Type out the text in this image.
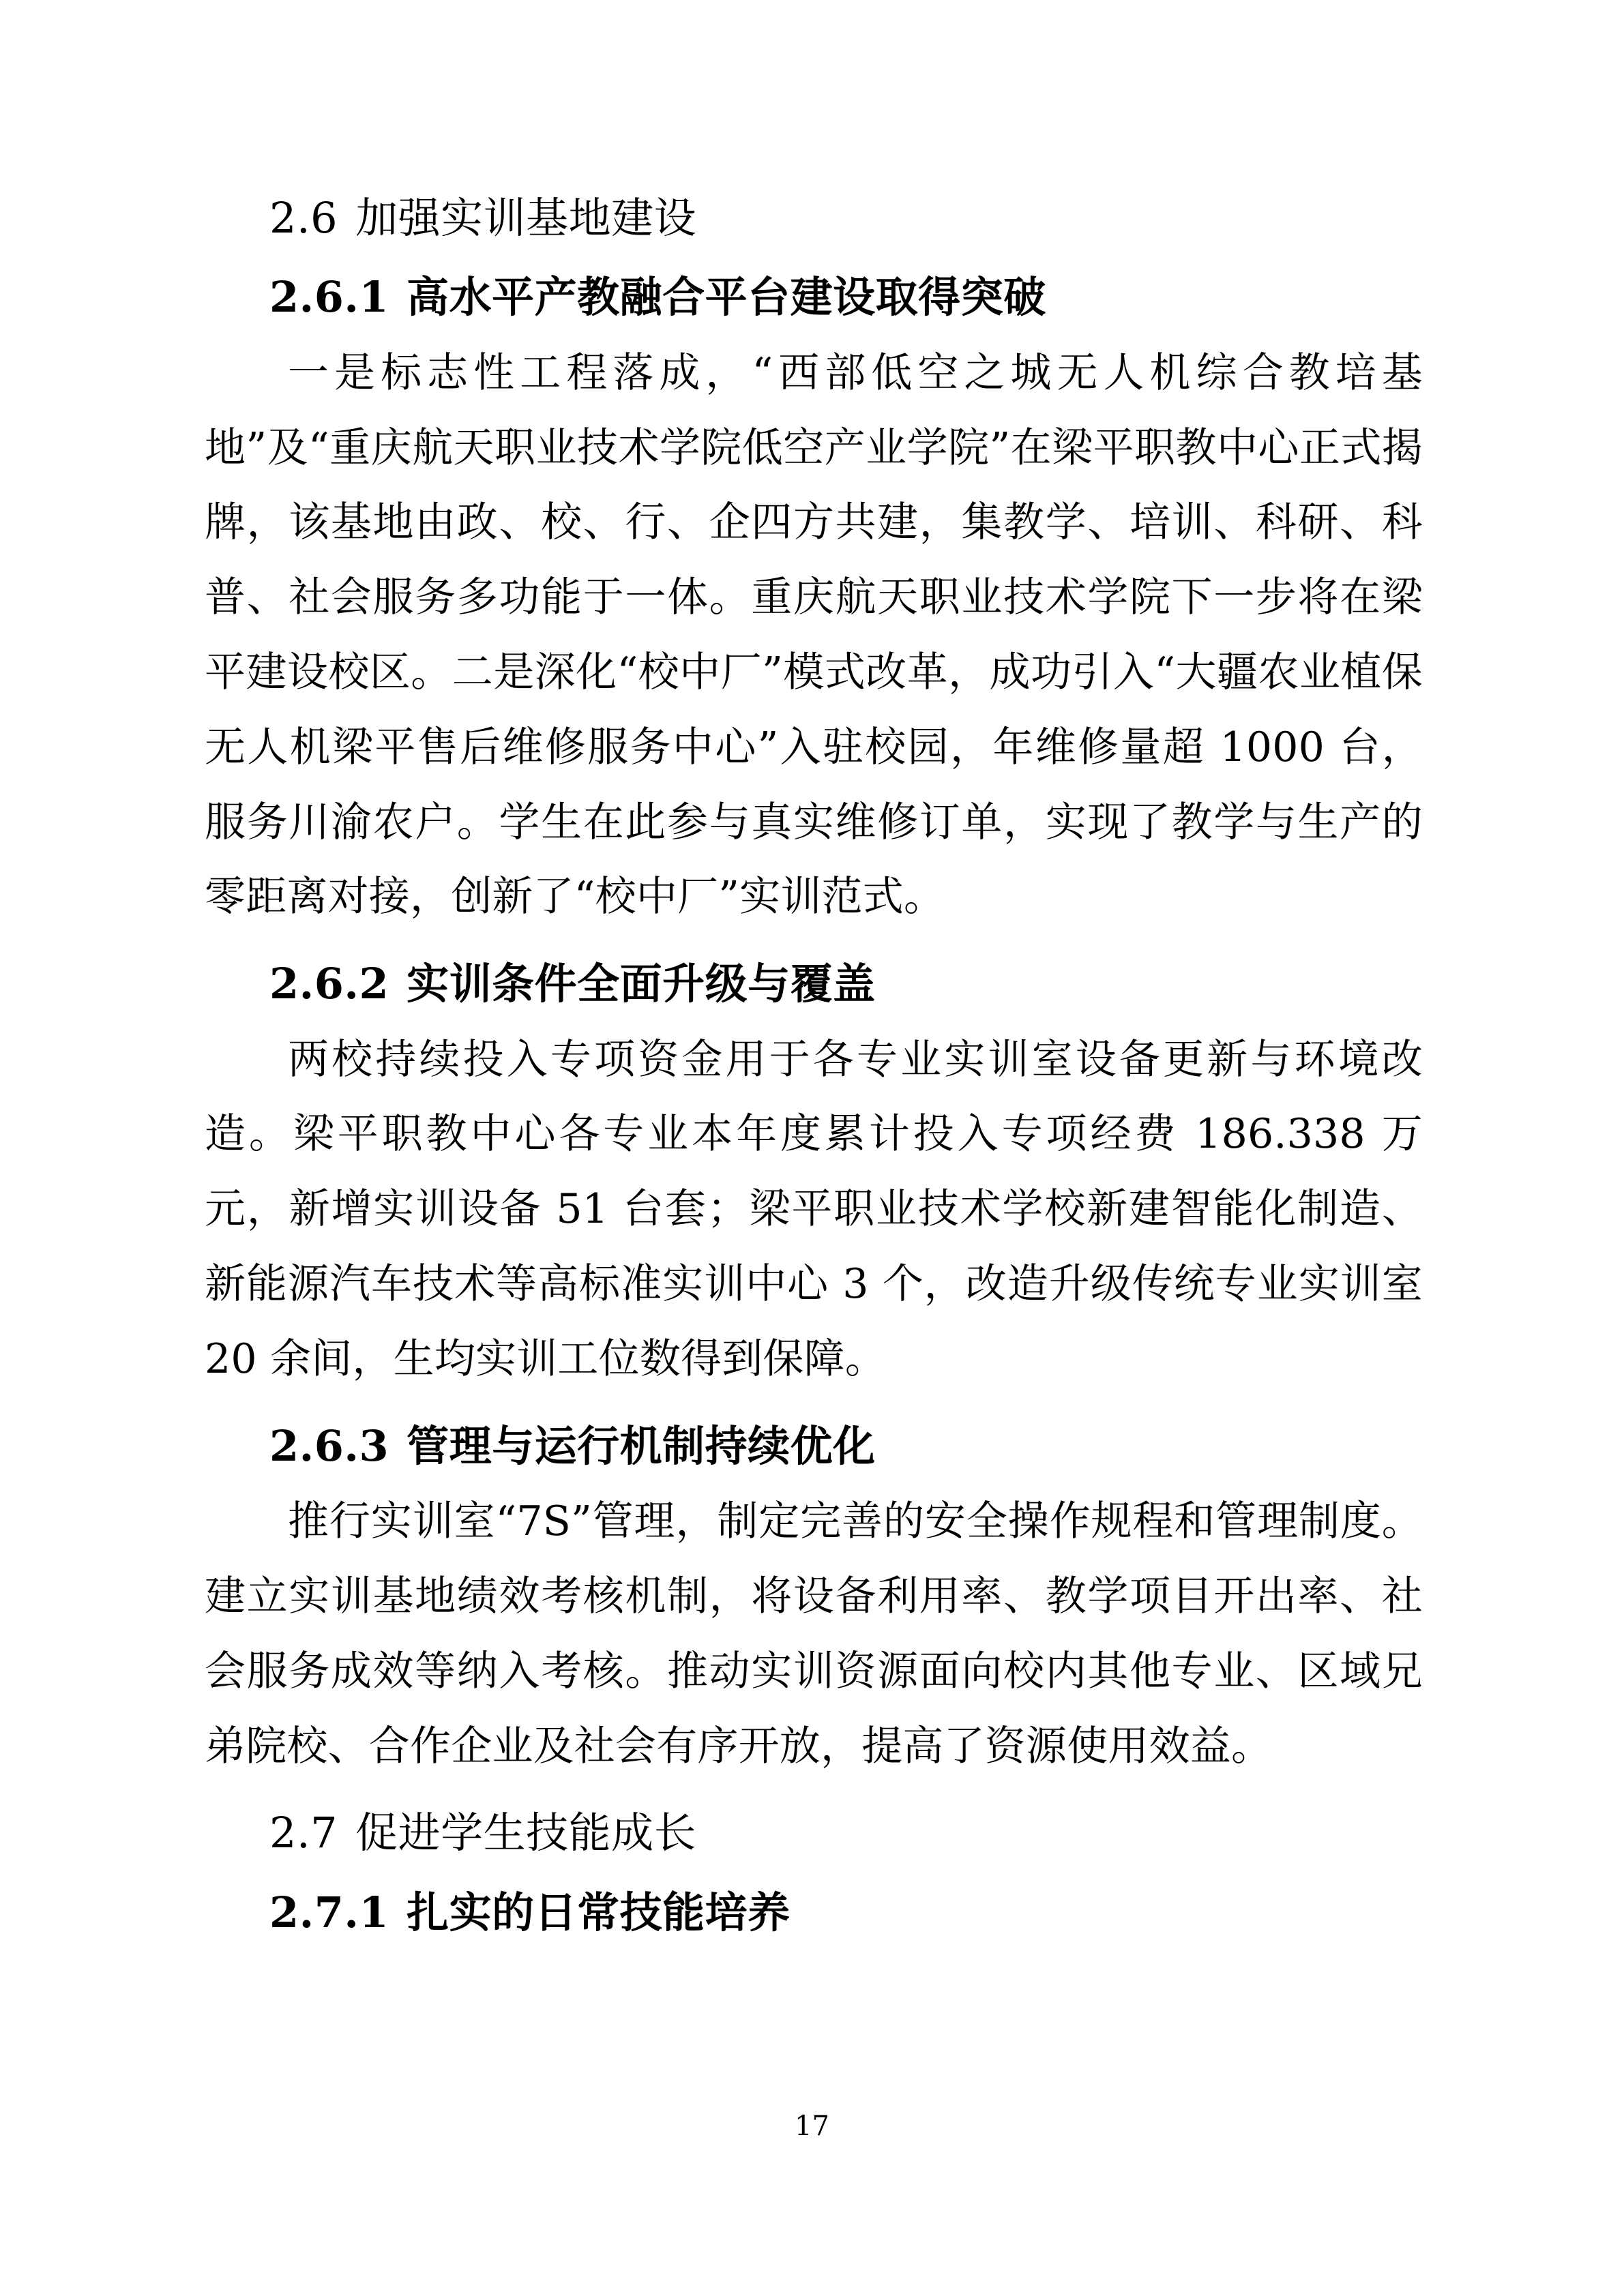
2.6 加强实训基地建设
2.6.1 高水平产教融合平台建设取得突破

一是标志性工程落成，“西部低空之城无人机综合教培基地”及“重庆航天职业技术学院低空产业学院”在梁平职教中心正式揭牌，该基地由政、校、行、企四方共建，集教学、培训、科研、科普、社会服务多功能于一体。重庆航天职业技术学院下一步将在梁平建设校区。二是深化“校中厂”模式改革，成功引入“大疆农业植保无人机梁平售后维修服务中心”入驻校园，年维修量超 1000 台，服务川渝农户。学生在此参与真实维修订单，实现了教学与生产的零距离对接，创新了“校中厂”实训范式。

2.6.2 实训条件全面升级与覆盖

两校持续投入专项资金用于各专业实训室设备更新与环境改造。梁平职教中心各专业本年度累计投入专项经费 186.338 万元，新增实训设备 51 台套；梁平职业技术学校新建智能化制造、新能源汽车技术等高标准实训中心 3 个，改造升级传统专业实训室 20 余间，生均实训工位数得到保障。

2.6.3 管理与运行机制持续优化

推行实训室“7S”管理，制定完善的安全操作规程和管理制度。建立实训基地绩效考核机制，将设备利用率、教学项目开出率、社会服务成效等纳入考核。推动实训资源面向校内其他专业、区域兄弟院校、合作企业及社会有序开放，提高了资源使用效益。

2.7 促进学生技能成长
2.7.1 扎实的日常技能培养
17
